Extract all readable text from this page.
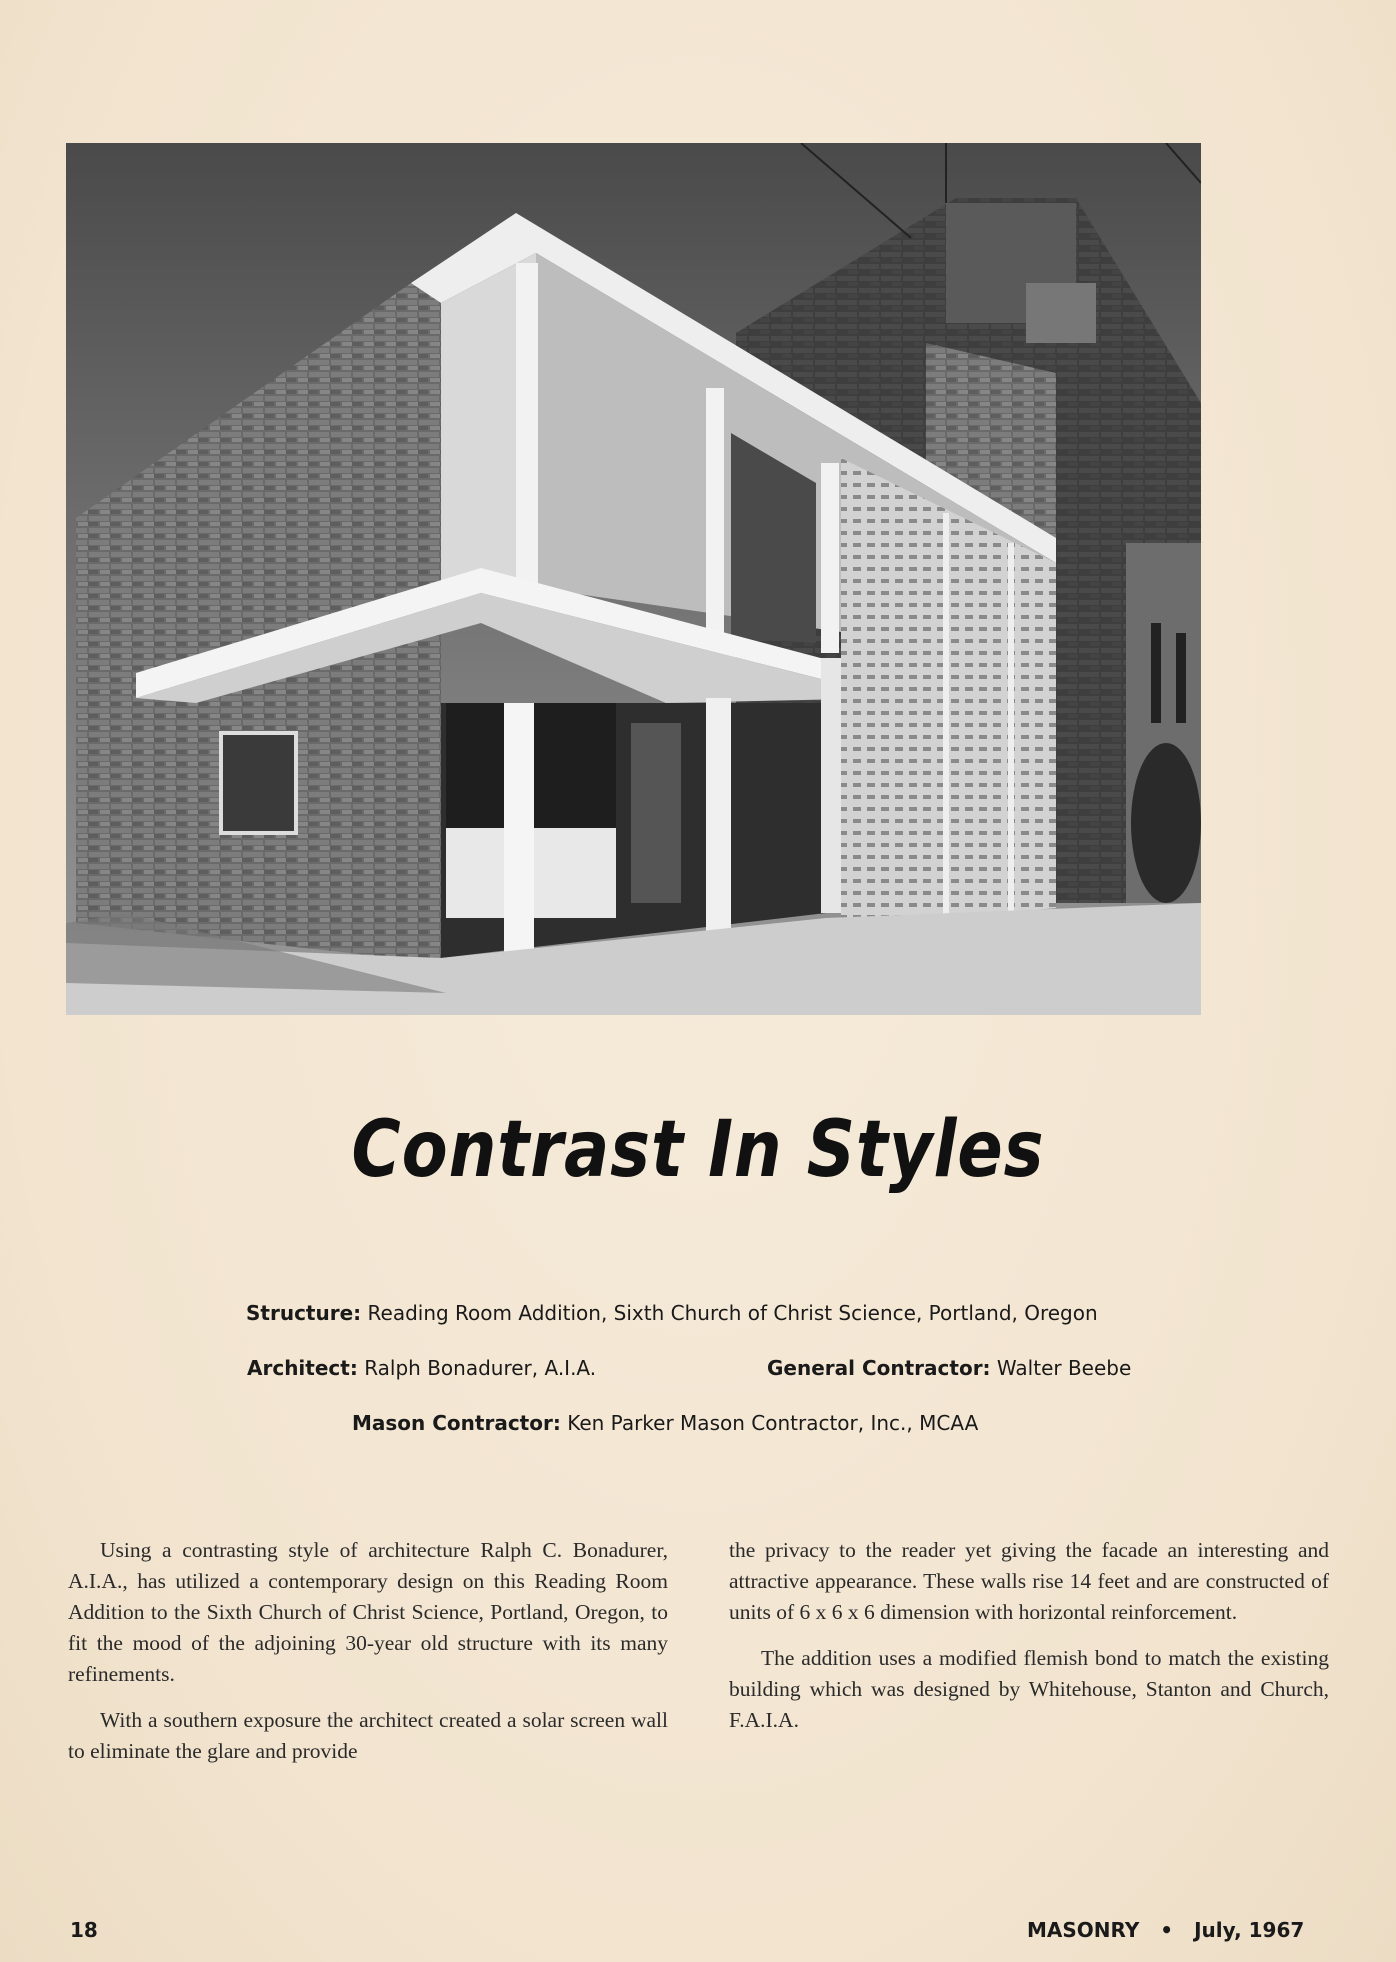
Contrast In Styles
Structure: Reading Room Addition, Sixth Church of Christ Science, Portland, Oregon
Architect: Ralph Bonadurer, A.I.A.	General Contractor: Walter Beebe
Mason Contractor: Ken Parker Mason Contractor, Inc., MCAA

Using a contrasting style of architecture Ralph C. Bonadurer, A.I.A., has utilized a contemporary design on this Reading Room Addition to the Sixth Church of Christ Science, Portland, Oregon, to fit the mood of the adjoining 30-year old structure with its many refinements.

With a southern exposure the architect created a solar screen wall to eliminate the glare and provide

the privacy to the reader yet giving the facade an interesting and attractive appearance. These walls rise 14 feet and are constructed of units of 6 x 6 x 6 dimension with horizontal reinforcement.

The addition uses a modified flemish bond to match the existing building which was designed by Whitehouse, Stanton and Church, F.A.I.A.

18	MASONRY • July, 1967
